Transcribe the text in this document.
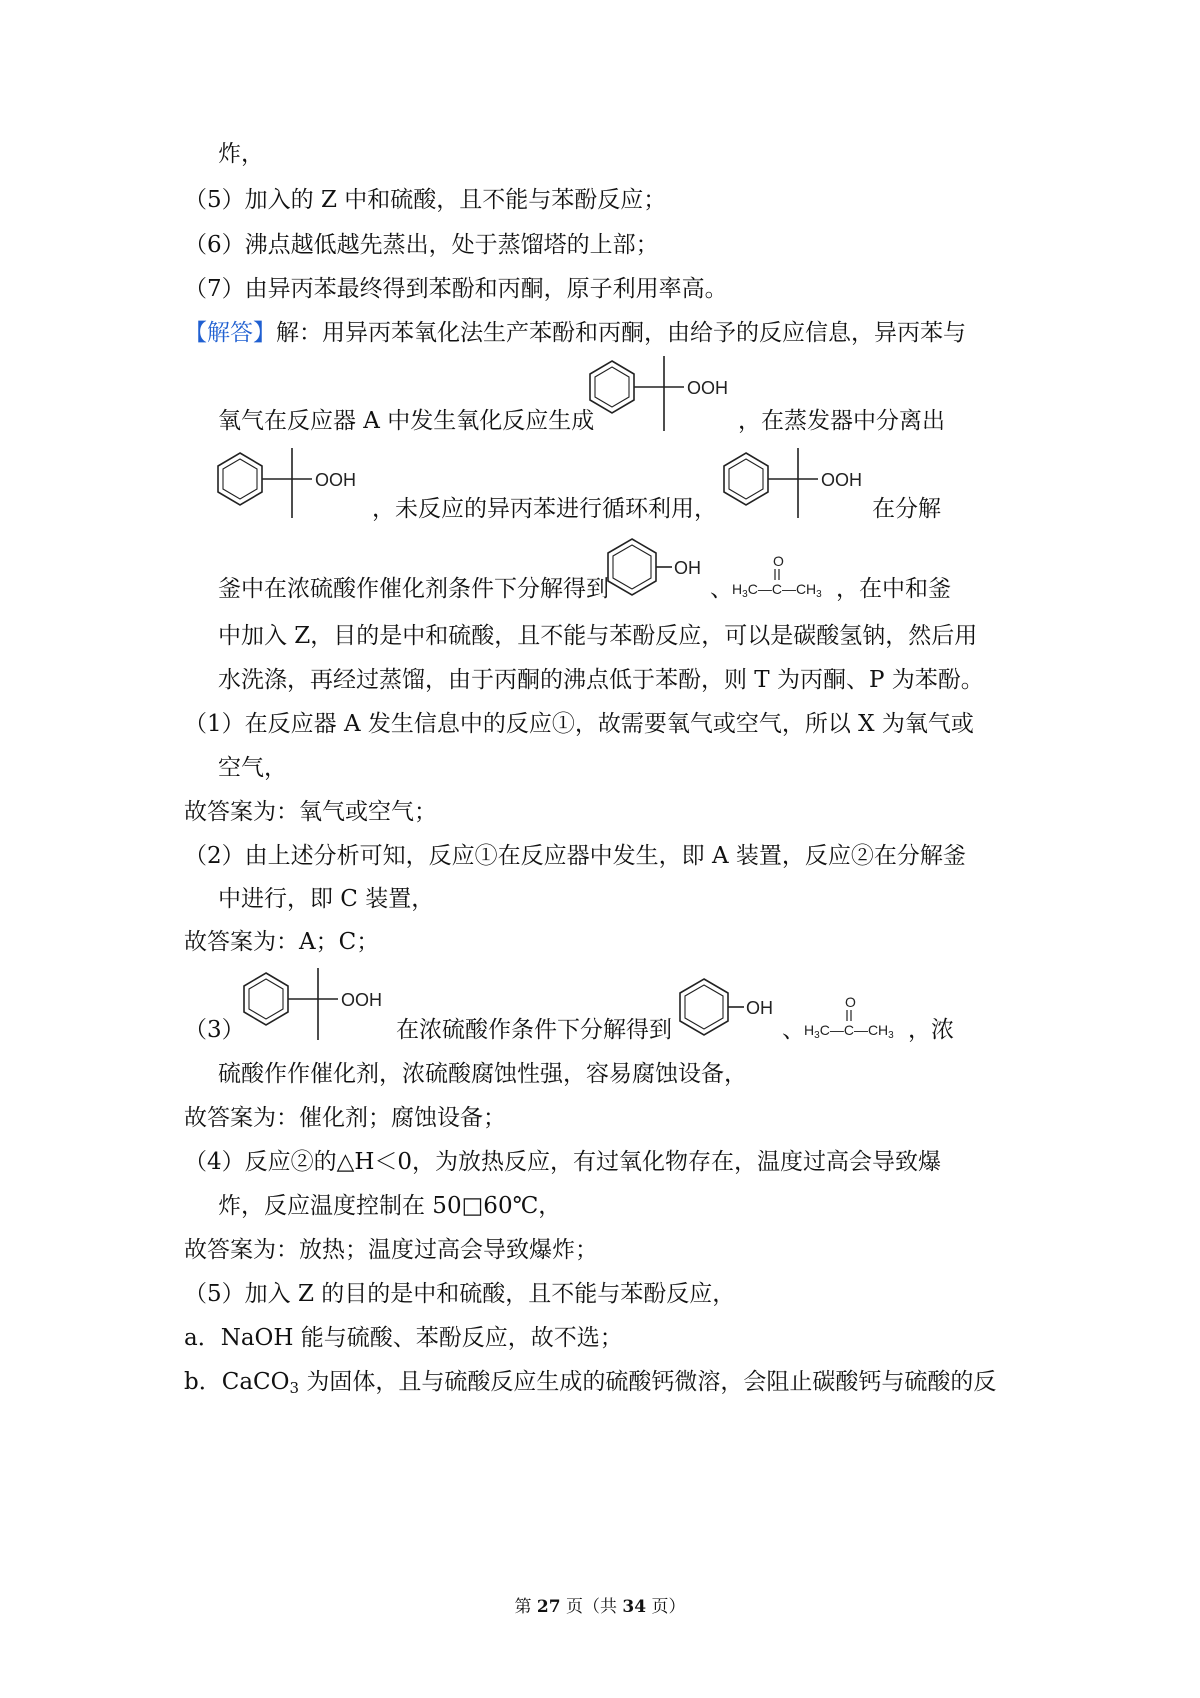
炸，
（5）加入的 Z 中和硫酸，且不能与苯酚反应；
（6）沸点越低越先蒸出，处于蒸馏塔的上部；
（7）由异丙苯最终得到苯酚和丙酮，原子利用率高。
【解答】解：用异丙苯氧化法生产苯酚和丙酮，由给予的反应信息，异丙苯与
氧气在反应器 A 中发生氧化反应生成
OOH
，在蒸发器中分离出
OOH
，未反应的异丙苯进行循环利用，
OOH
在分解
釜中在浓硫酸作催化剂条件下分解得到
OH
、
O
$H_3C—C—CH_3$ ，在中和釜
中加入 Z，目的是中和硫酸，且不能与苯酚反应，可以是碳酸氢钠，然后用
水洗涤，再经过蒸馏，由于丙酮的沸点低于苯酚，则 T 为丙酮、P 为苯酚。
（1）在反应器 A 发生信息中的反应①，故需要氧气或空气，所以 X 为氧气或
空气，
故答案为：氧气或空气；
（2）由上述分析可知，反应①在反应器中发生，即 A 装置，反应②在分解釜
中进行，即 C 装置，
故答案为：A；C；
（3）
OOH
在浓硫酸作条件下分解得到
OH
、
O
$H_3C—C—CH_3$ ，浓
硫酸作作催化剂，浓硫酸腐蚀性强，容易腐蚀设备，
故答案为：催化剂；腐蚀设备；
（4）反应②的△H＜0，为放热反应，有过氧化物存在，温度过高会导致爆
炸，反应温度控制在 50□60℃，
故答案为：放热；温度过高会导致爆炸；
（5）加入 Z 的目的是中和硫酸，且不能与苯酚反应，
a．NaOH 能与硫酸、苯酚反应，故不选；
b．CaCO$_3$ 为固体，且与硫酸反应生成的硫酸钙微溶，会阻止碳酸钙与硫酸的反
第 27 页（共 34 页）
